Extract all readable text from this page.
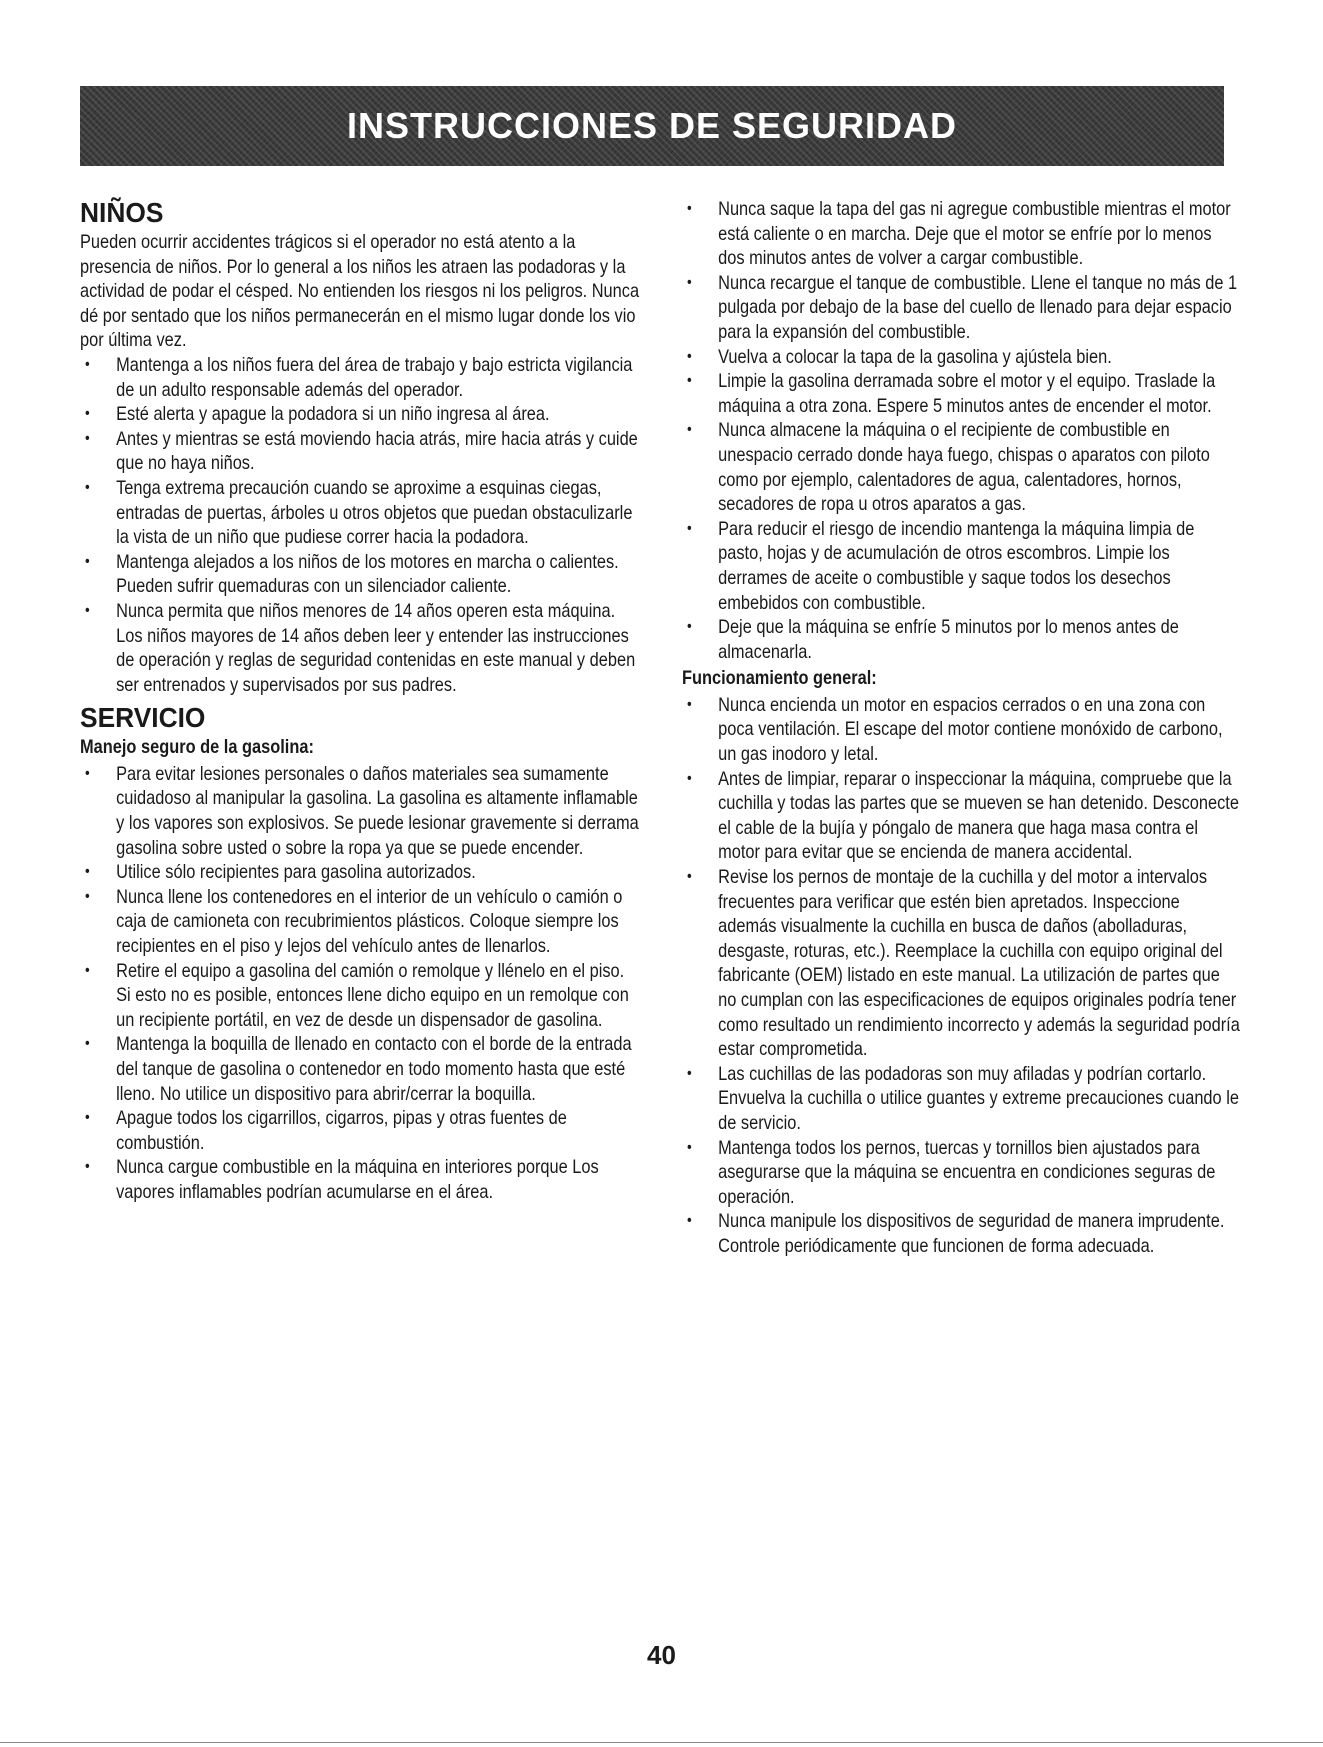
INSTRUCCIONES DE SEGURIDAD
NIÑOS

Pueden ocurrir accidentes trágicos si el operador no está atento a la presencia de niños. Por lo general a los niños les atraen las podadoras y la actividad de podar el césped. No entienden los riesgos ni los peligros. Nunca dé por sentado que los niños permanecerán en el mismo lugar donde los vio por última vez.

• Mantenga a los niños fuera del área de trabajo y bajo estricta vigilancia de un adulto responsable además del operador.
• Esté alerta y apague la podadora si un niño ingresa al área.
• Antes y mientras se está moviendo hacia atrás, mire hacia atrás y cuide que no haya niños.
• Tenga extrema precaución cuando se aproxime a esquinas ciegas, entradas de puertas, árboles u otros objetos que puedan obstaculizarle la vista de un niño que pudiese correr hacia la podadora.
• Mantenga alejados a los niños de los motores en marcha o calientes. Pueden sufrir quemaduras con un silenciador caliente.
• Nunca permita que niños menores de 14 años operen esta máquina. Los niños mayores de 14 años deben leer y entender las instrucciones de operación y reglas de seguridad contenidas en este manual y deben ser entrenados y supervisados por sus padres.
SERVICIO
Manejo seguro de la gasolina:
• Para evitar lesiones personales o daños materiales sea sumamente cuidadoso al manipular la gasolina. La gasolina es altamente inflamable y los vapores son explosivos. Se puede lesionar gravemente si derrama gasolina sobre usted o sobre la ropa ya que se puede encender.
• Utilice sólo recipientes para gasolina autorizados.
• Nunca llene los contenedores en el interior de un vehículo o camión o caja de camioneta con recubrimientos plásticos. Coloque siempre los recipientes en el piso y lejos del vehículo antes de llenarlos.
• Retire el equipo a gasolina del camión o remolque y llénelo en el piso. Si esto no es posible, entonces llene dicho equipo en un remolque con un recipiente portátil, en vez de desde un dispensador de gasolina.
• Mantenga la boquilla de llenado en contacto con el borde de la entrada del tanque de gasolina o contenedor en todo momento hasta que esté lleno. No utilice un dispositivo para abrir/cerrar la boquilla.
• Apague todos los cigarrillos, cigarros, pipas y otras fuentes de combustión.
• Nunca cargue combustible en la máquina en interiores porque Los vapores inflamables podrían acumularse en el área.
• Nunca saque la tapa del gas ni agregue combustible mientras el motor está caliente o en marcha. Deje que el motor se enfríe por lo menos dos minutos antes de volver a cargar combustible.
• Nunca recargue el tanque de combustible. Llene el tanque no más de 1 pulgada por debajo de la base del cuello de llenado para dejar espacio para la expansión del combustible.
• Vuelva a colocar la tapa de la gasolina y ajústela bien.
• Limpie la gasolina derramada sobre el motor y el equipo. Traslade la máquina a otra zona. Espere 5 minutos antes de encender el motor.
• Nunca almacene la máquina o el recipiente de combustible en unespacio cerrado donde haya fuego, chispas o aparatos con piloto como por ejemplo, calentadores de agua, calentadores, hornos, secadores de ropa u otros aparatos a gas.
• Para reducir el riesgo de incendio mantenga la máquina limpia de pasto, hojas y de acumulación de otros escombros. Limpie los derrames de aceite o combustible y saque todos los desechos embebidos con combustible.
• Deje que la máquina se enfríe 5 minutos por lo menos antes de almacenarla.
Funcionamiento general:
• Nunca encienda un motor en espacios cerrados o en una zona con poca ventilación. El escape del motor contiene monóxido de carbono, un gas inodoro y letal.
• Antes de limpiar, reparar o inspeccionar la máquina, compruebe que la cuchilla y todas las partes que se mueven se han detenido. Desconecte el cable de la bujía y póngalo de manera que haga masa contra el motor para evitar que se encienda de manera accidental.
• Revise los pernos de montaje de la cuchilla y del motor a intervalos frecuentes para verificar que estén bien apretados. Inspeccione además visualmente la cuchilla en busca de daños (abolladuras, desgaste, roturas, etc.). Reemplace la cuchilla con equipo original del fabricante (OEM) listado en este manual. La utilización de partes que no cumplan con las especificaciones de equipos originales podría tener como resultado un rendimiento incorrecto y además la seguridad podría estar comprometida.
• Las cuchillas de las podadoras son muy afiladas y podrían cortarlo. Envuelva la cuchilla o utilice guantes y extreme precauciones cuando le de servicio.
• Mantenga todos los pernos, tuercas y tornillos bien ajustados para asegurarse que la máquina se encuentra en condiciones seguras de operación.
• Nunca manipule los dispositivos de seguridad de manera imprudente. Controle periódicamente que funcionen de forma adecuada.
40
